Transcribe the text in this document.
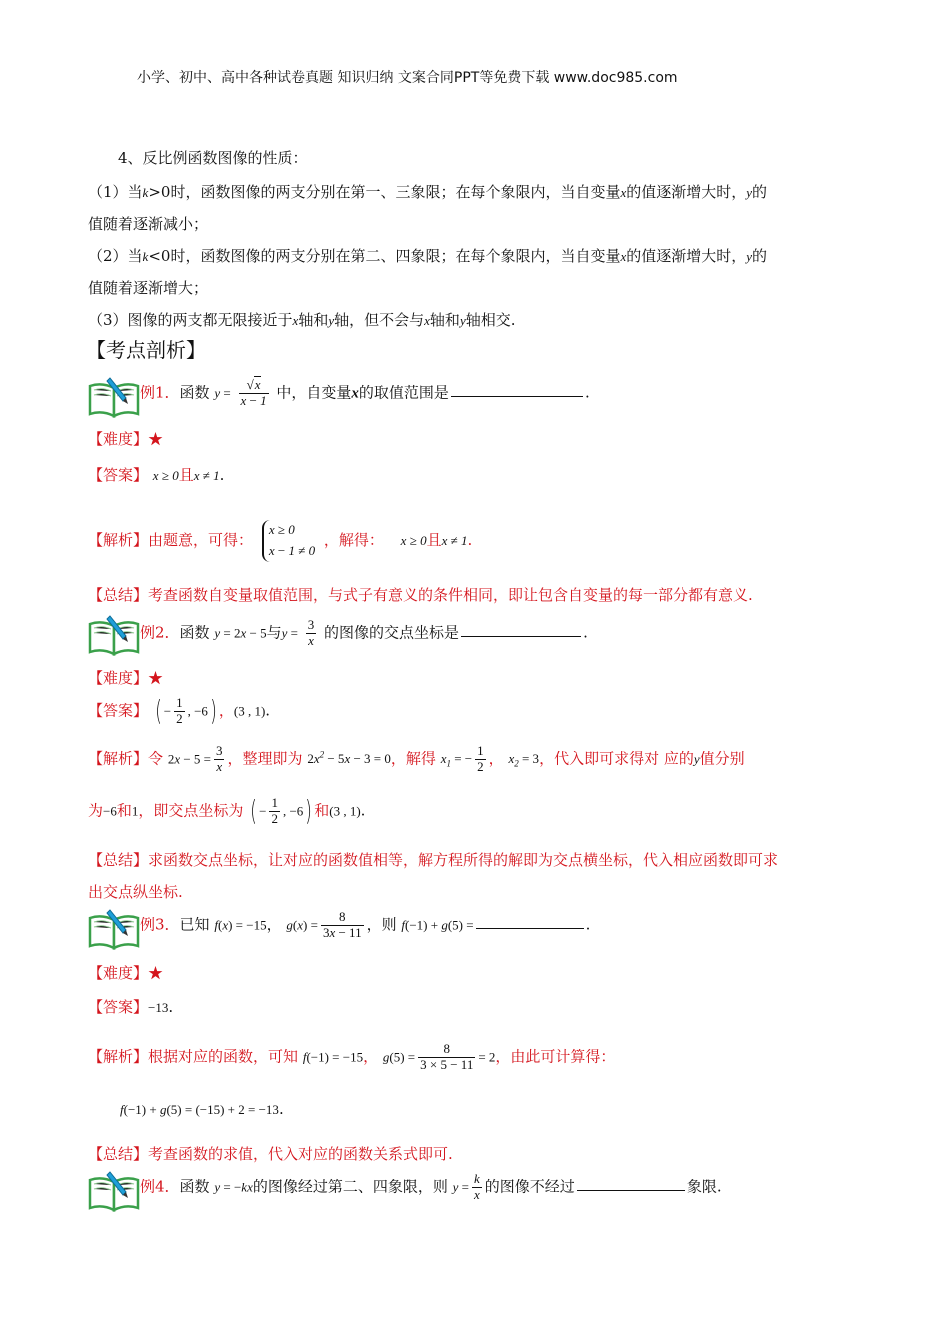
小学、初中、高中各种试卷真题 知识归纳 文案合同PPT等免费下载 www.doc985.com
4、反比例函数图像的性质：
（1）当k>0时，函数图像的两支分别在第一、三象限；在每个象限内，当自变量x的值逐渐增大时，y的
值随着逐渐减小；
（2）当k<0时，函数图像的两支分别在第二、四象限；在每个象限内，当自变量x的值逐渐增大时，y的
值随着逐渐增大；
（3）图像的两支都无限接近于x轴和y轴，但不会与x轴和y轴相交.
【考点剖析】
例1．函数 $y = \frac{√x}{x - 1}$ 中，自变量x的取值范围是	.
【难度】★
【答案】 x ≥ 0且x ≠ 1.
【解析】由题意，可得：
x ≥ 0
x − 1 ≠ 0
，解得： x ≥ 0且x ≠ 1.
【总结】考查函数自变量取值范围，与式子有意义的条件相同，即让包含自变量的每一部分都有意义.
例2．函数 y = 2x − 5与$y = \frac{3}{x}$ 的图像的交点坐标是	.
【难度】★
【答案】 ( − $\frac{1}{2}$ , −6) ，(3 , 1).
【解析】令 $2x - 5 = \frac{3}{x}$ ，整理即为 $2x^2 - 5x - 3 = 0$，解得 $x_1$ = − $\frac{1}{2}$ ， $x_2 = 3$，代入即可求得对 应的y值分别
为−6和1，即交点坐标为 ( − $\frac{1}{2}$ , −6) 和(3 , 1).
【总结】求函数交点坐标，让对应的函数值相等，解方程所得的解即为交点横坐标，代入相应函数即可求
出交点纵坐标.
例3．已知 f(x) = −15， $g(x) = \frac{8}{3x - 11}$ ，则 f(−1) + g(5) =	.
【难度】★
【答案】−13.
【解析】根据对应的函数，可知 f(−1) = −15， $g(5) = \frac{8}{3 \times 5 - 11} = 2$，由此可计算得：
f(−1) + g(5) = (−15) + 2 = −13.
【总结】考查函数的求值，代入对应的函数关系式即可.
例4．函数 y = −kx的图像经过第二、四象限，则 $y = \frac{k}{x}$ 的图像不经过	象限.
